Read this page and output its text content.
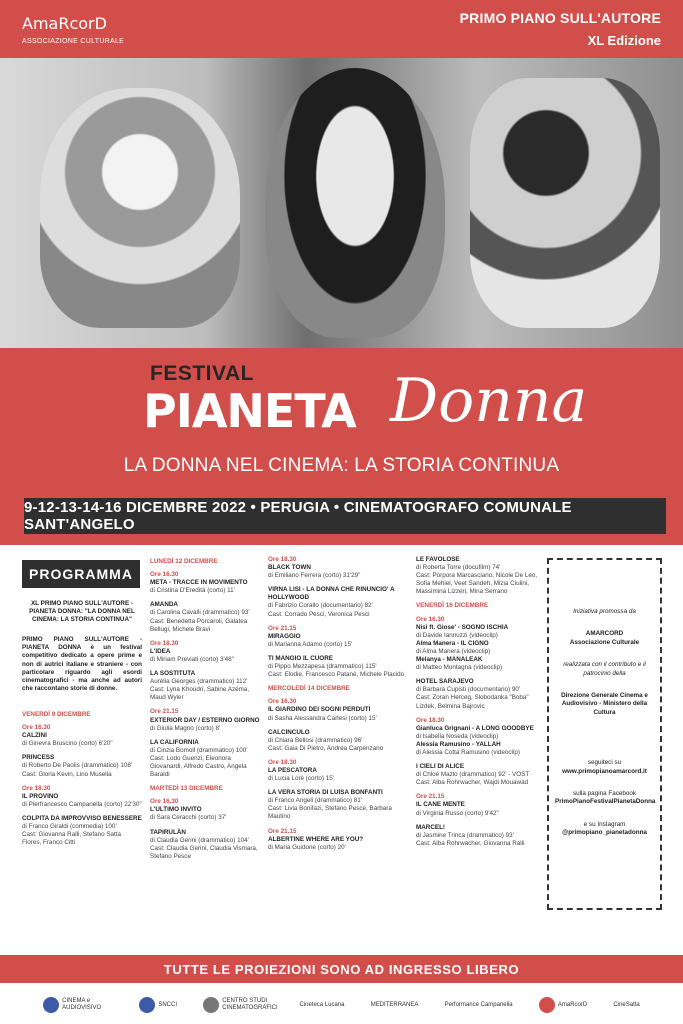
AmaRcorD
ASSOCIAZIONE CULTURALE
PRIMO PIANO SULL'AUTORE
XL Edizione
FESTIVAL
PIANETA Donna
LA DONNA NEL CINEMA: LA STORIA CONTINUA
9-12-13-14-16 DICEMBRE 2022 • PERUGIA • CINEMATOGRAFO COMUNALE SANT'ANGELO
PROGRAMMA
XL PRIMO PIANO SULL'AUTORE - PIANETA DONNA: "LA DONNA NEL CINEMA: LA STORIA CONTINUA"
PRIMO PIANO SULL'AUTORE - PIANETA DONNA è un festival competitivo dedicato a opere prime e non di autrici italiane e straniere - con particolare riguardo agli esordi cinematografici - ma anche ad autori che raccontano storie di donne.
VENERDÌ 9 DICEMBRE
Ore 16.30
CALZINI
di Ginevra Bruscino (corto) 6'20"
PRINCESS
di Roberto De Paolis (drammatico) 108'
Cast: Gloria Kevin, Lino Musella
Ore 18.30
IL PROVINO
di Pierfrancesco Campanella (corto) 22'30"
COLPITA DA IMPROVVISO BENESSERE
di Franco Giraldi (commedia) 100'
Cast: Giovanna Ralli, Stefano Satta Flores, Franco Citti
LUNEDÌ 12 DICEMBRE
Ore 16.30
META - TRACCE IN MOVIMENTO
di Cristina D'Eredità (corto) 11'
AMANDA
di Carolina Cavalli (drammatico) 93'
Cast: Benedetta Porcaroli, Galatea Bellugi, Michele Bravi
Ore 18.30
L'IDEA
di Miriam Previati (corto) 3'48"
LA SOSTITUTA
Aurélia Georges (drammatico) 112'
Cast: Lyna Khoudri, Sabine Azéma, Maud Wyler
Ore 21.15
EXTERIOR DAY / ESTERNO GIORNO
di Giulia Magno (corto) 8'
LA CALIFORNIA
di Cinzia Bomoll (drammatico) 100'
Cast: Lodo Guenzi, Eleonora Giovanardi, Alfredo Castro, Angela Baraldi
MARTEDÌ 13 DICEMBRE
Ore 16.30
L'ULTIMO INVITO
di Sara Ceracchi (corto) 37'
TAPIRULÀN
di Claudia Gerini (drammatico) 104'
Cast: Claudia Gerini, Claudia Vismara, Stefano Pesce
Ore 18.30
BLACK TOWN
di Emiliano Ferrera (corto) 31'29"
VIRNA LISI - LA DONNA CHE RINUNCIO' A HOLLYWOOD
di Fabrizio Corallo (documentario) 82'
Cast: Corrado Pesci, Veronica Pesci
Ore 21.15
MIRAGGIO
di Marianna Adamo (corto) 15'
TI MANGIO IL CUORE
di Pippo Mezzapesa (drammatico) 115'
Cast: Elodie, Francesco Patanè, Michele Placido
MERCOLEDÌ 14 DICEMBRE
Ore 16.30
IL GIARDINO DEI SOGNI PERDUTI
di Sasha Alessandra Carlesi (corto) 15'
CALCINCULO
di Chiara Bellosi (drammatico) 96'
Cast: Gaia Di Pietro, Andrea Carpenzano
Ore 18.30
LA PESCATORA
di Lucia Lorè (corto) 15'
LA VERA STORIA DI LUISA BONFANTI
di Franco Angeli (drammatico) 81'
Cast: Livia Bonifazi, Stefano Pesce, Barbara Mautino
Ore 21.15
ALBERTINE WHERE ARE YOU?
di Maria Guidone (corto) 20'
LE FAVOLOSE
di Roberta Torre (docufilm) 74'
Cast: Porpora Marcasciano, Nicole De Leo, Sofia Mehiel, Veet Sandeh, Mizia Ciulini, Massimina Lizzeri, Mina Serrano
VENERDÌ 16 DICEMBRE
Ore 16.30
Nisi ft. Giose' - SOGNO ISCHIA
di Davide Iannuzzi (videoclip)
Alma Manera - IL CIGNO
di Alma Manera (videoclip)
Melanya - MANALEAK
di Matteo Montagna (videoclip)
HOTEL SARAJEVO
di Barbara Cupisti (documentario) 90'
Cast: Zoran Herceg, Slobodanka "Boba" Lizdek, Belmina Bajrovic
Ore 18.30
Gianluca Grignani - A LONG GOODBYE
di Isabella Noseda (videoclip)
Alessia Ramusino - YALLAH
di Alessia Cotta Ramusino (videoclip)
I CIELI DI ALICE
di Chloé Mazlo (drammatico) 92' - VOST
Cast: Alba Rohrwacher, Wajdi Mouawad
Ore 21.15
IL CANE MENTE
di Virginia Russo (corto) 9'42"
MARCEL!
di Jasmine Trinca (drammatico) 93'
Cast: Alba Rohrwacher, Giovanna Ralli
Iniziativa promossa da
AMARCORD
Associazione Culturale
realizzata con il contributo e il patrocinio della
Direzione Generale Cinema e Audiovisivo - Ministero della Cultura
seguiteci su
www.primopianoamarcord.it
sulla pagina Facebook
PrimoPianoFestivalPianetaDonna
e su Instagram
@primopiano_pianetadonna
TUTTE LE PROIEZIONI SONO AD INGRESSO LIBERO
CINEMA e AUDIOVISIVO
SNCCI
CENTRO STUDI CINEMATOGRAFICI
Cineteca Lucana	MEDITERRANEA	Performance Campanella	AmaRcorD	CineSatta
